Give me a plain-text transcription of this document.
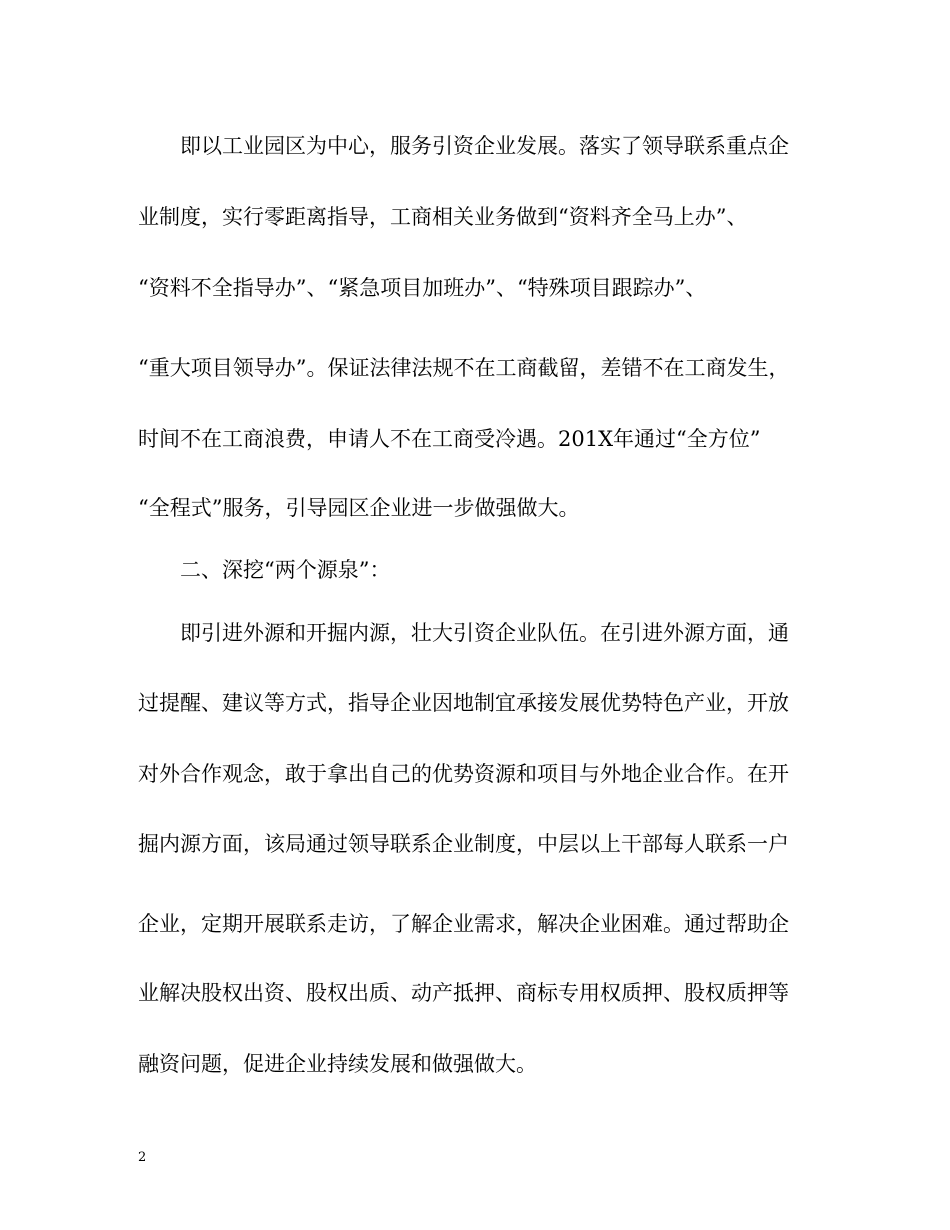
即以工业园区为中心，服务引资企业发展。落实了领导联系重点企
业制度，实行零距离指导，工商相关业务做到“资料齐全马上办”、
“资料不全指导办”、“紧急项目加班办”、“特殊项目跟踪办”、
“重大项目领导办”。保证法律法规不在工商截留，差错不在工商发生，
时间不在工商浪费，申请人不在工商受冷遇。201X年通过“全方位”
“全程式”服务，引导园区企业进一步做强做大。
二、深挖“两个源泉”：
即引进外源和开掘内源，壮大引资企业队伍。在引进外源方面，通
过提醒、建议等方式，指导企业因地制宜承接发展优势特色产业，开放
对外合作观念，敢于拿出自己的优势资源和项目与外地企业合作。在开
掘内源方面，该局通过领导联系企业制度，中层以上干部每人联系一户
企业，定期开展联系走访，了解企业需求，解决企业困难。通过帮助企
业解决股权出资、股权出质、动产抵押、商标专用权质押、股权质押等
融资问题，促进企业持续发展和做强做大。
2
